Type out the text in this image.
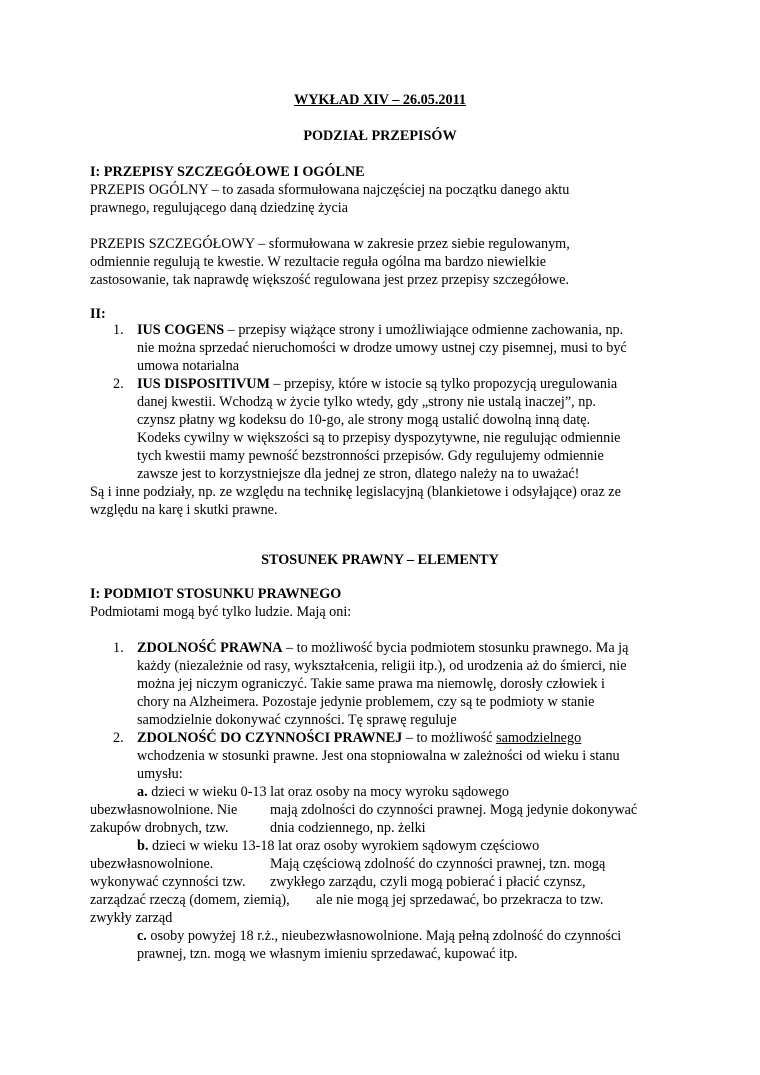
WYKŁAD XIV – 26.05.2011
PODZIAŁ PRZEPISÓW
I: PRZEPISY SZCZEGÓŁOWE I OGÓLNE
PRZEPIS OGÓLNY – to zasada sformułowana najczęściej na początku danego aktu
prawnego, regulującego daną dziedzinę życia
PRZEPIS SZCZEGÓŁOWY – sformułowana w zakresie przez siebie regulowanym,
odmiennie regulują te kwestie. W rezultacie reguła ogólna ma bardzo niewielkie
zastosowanie, tak naprawdę większość regulowana jest przez przepisy szczegółowe.
II:
1. IUS COGENS – przepisy wiążące strony i umożliwiające odmienne zachowania, np.
nie można sprzedać nieruchomości w drodze umowy ustnej czy pisemnej, musi to być
umowa notarialna
2. IUS DISPOSITIVUM – przepisy, które w istocie są tylko propozycją uregulowania
danej kwestii. Wchodzą w życie tylko wtedy, gdy „strony nie ustalą inaczej”, np.
czynsz płatny wg kodeksu do 10-go, ale strony mogą ustalić dowolną inną datę.
Kodeks cywilny w większości są to przepisy dyspozytywne, nie regulując odmiennie
tych kwestii mamy pewność bezstronności przepisów. Gdy regulujemy odmiennie
zawsze jest to korzystniejsze dla jednej ze stron, dlatego należy na to uważać!
Są i inne podziały, np. ze względu na technikę legislacyjną (blankietowe i odsyłające) oraz ze
względu na karę i skutki prawne.
STOSUNEK PRAWNY – ELEMENTY
I: PODMIOT STOSUNKU PRAWNEGO
Podmiotami mogą być tylko ludzie. Mają oni:
1. ZDOLNOŚĆ PRAWNA – to możliwość bycia podmiotem stosunku prawnego. Ma ją
każdy (niezależnie od rasy, wykształcenia, religii itp.), od urodzenia aż do śmierci, nie
można jej niczym ograniczyć. Takie same prawa ma niemowlę, dorosły człowiek i
chory na Alzheimera. Pozostaje jedynie problemem, czy są te podmioty w stanie
samodzielnie dokonywać czynności. Tę sprawę reguluje
2. ZDOLNOŚĆ DO CZYNNOŚCI PRAWNEJ – to możliwość samodzielnego
wchodzenia w stosunki prawne. Jest ona stopniowalna w zależności od wieku i stanu
umysłu:
a. dzieci w wieku 0-13 lat oraz osoby na mocy wyroku sądowego
ubezwłasnowolnione. Nie mają zdolności do czynności prawnej. Mogą jedynie dokonywać
zakupów drobnych, tzw.	dnia codziennego, np. żelki
b. dzieci w wieku 13-18 lat oraz osoby wyrokiem sądowym częściowo
ubezwłasnowolnione.	Mają częściową zdolność do czynności prawnej, tzn. mogą
wykonywać czynności tzw. zwykłego zarządu, czyli mogą pobierać i płacić czynsz,
zarządzać rzeczą (domem, ziemią), ale nie mogą jej sprzedawać, bo przekracza to tzw.
zwykły zarząd
c. osoby powyżej 18 r.ż., nieubezwłasnowolnione. Mają pełną zdolność do czynności
prawnej, tzn. mogą we własnym imieniu sprzedawać, kupować itp.
